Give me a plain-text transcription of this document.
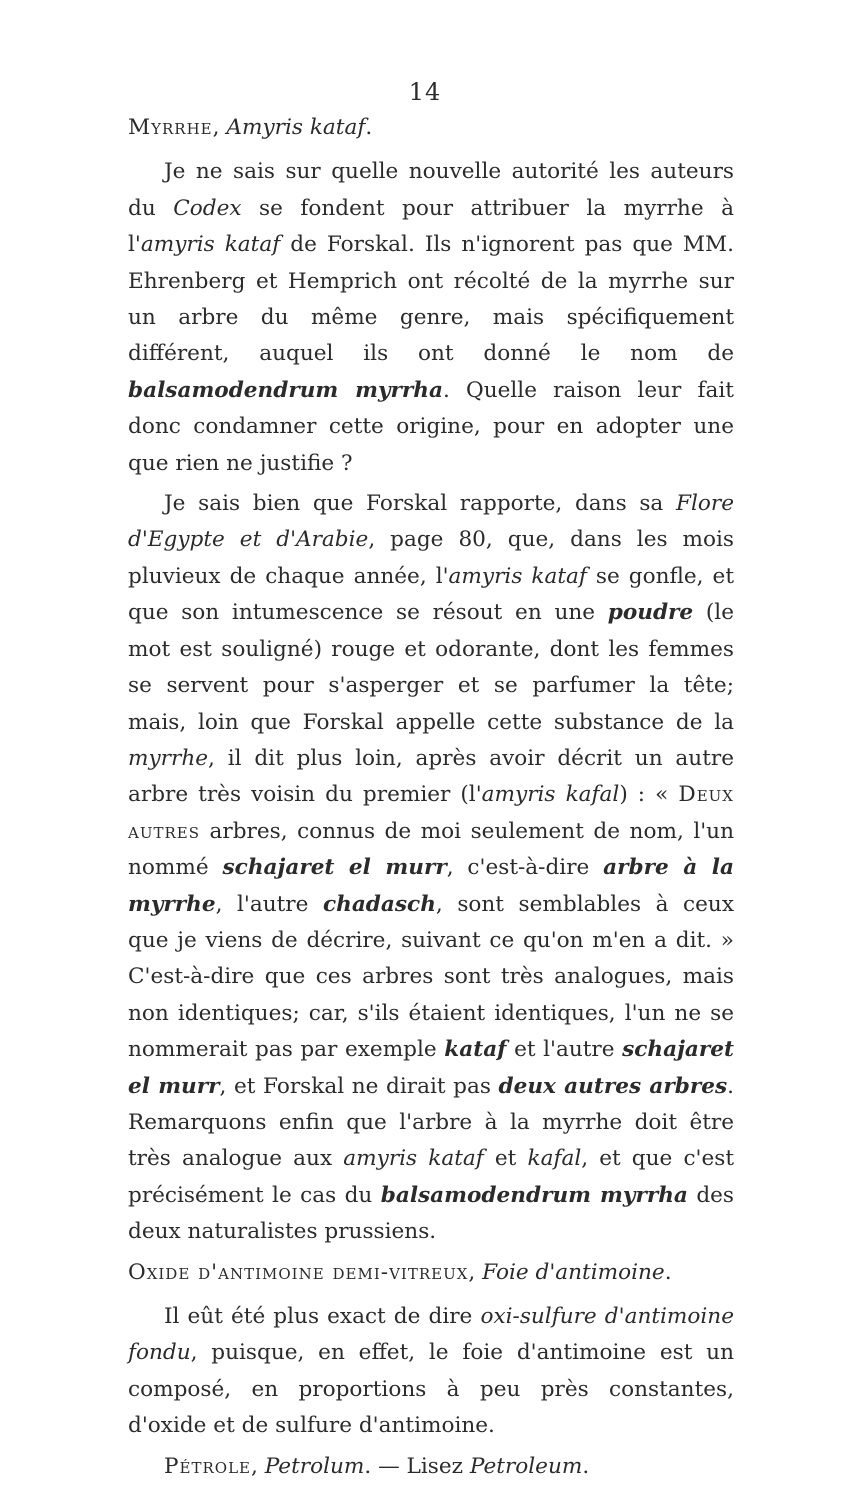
14

Myrrhe, Amyris kataf.

Je ne sais sur quelle nouvelle autorité les auteurs du Codex se fondent pour attribuer la myrrhe à l'amyris kataf de Forskal. Ils n'ignorent pas que MM. Ehrenberg et Hemprich ont récolté de la myrrhe sur un arbre du même genre, mais spécifiquement différent, auquel ils ont donné le nom de balsamodendrum myrrha. Quelle raison leur fait donc condamner cette origine, pour en adopter une que rien ne justifie ?

Je sais bien que Forskal rapporte, dans sa Flore d'Egypte et d'Arabie, page 80, que, dans les mois pluvieux de chaque année, l'amyris kataf se gonfle, et que son intumescence se résout en une poudre (le mot est souligné) rouge et odorante, dont les femmes se servent pour s'asperger et se parfumer la tête; mais, loin que Forskal appelle cette substance de la myrrhe, il dit plus loin, après avoir décrit un autre arbre très voisin du premier (l'amyris kafal) : « Deux autres arbres, connus de moi seulement de nom, l'un nommé schajaret el murr, c'est-à-dire arbre à la myrrhe, l'autre chadasch, sont semblables à ceux que je viens de décrire, suivant ce qu'on m'en a dit. » C'est-à-dire que ces arbres sont très analogues, mais non identiques; car, s'ils étaient identiques, l'un ne se nommerait pas par exemple kataf et l'autre schajaret el murr, et Forskal ne dirait pas deux autres arbres. Remarquons enfin que l'arbre à la myrrhe doit être très analogue aux amyris kataf et kafal, et que c'est précisément le cas du balsamodendrum myrrha des deux naturalistes prussiens.

Oxide d'antimoine demi-vitreux, Foie d'antimoine.

Il eût été plus exact de dire oxi-sulfure d'antimoine fondu, puisque, en effet, le foie d'antimoine est un composé, en proportions à peu près constantes, d'oxide et de sulfure d'antimoine.

Pétrole, Petrolum. — Lisez Petroleum.
